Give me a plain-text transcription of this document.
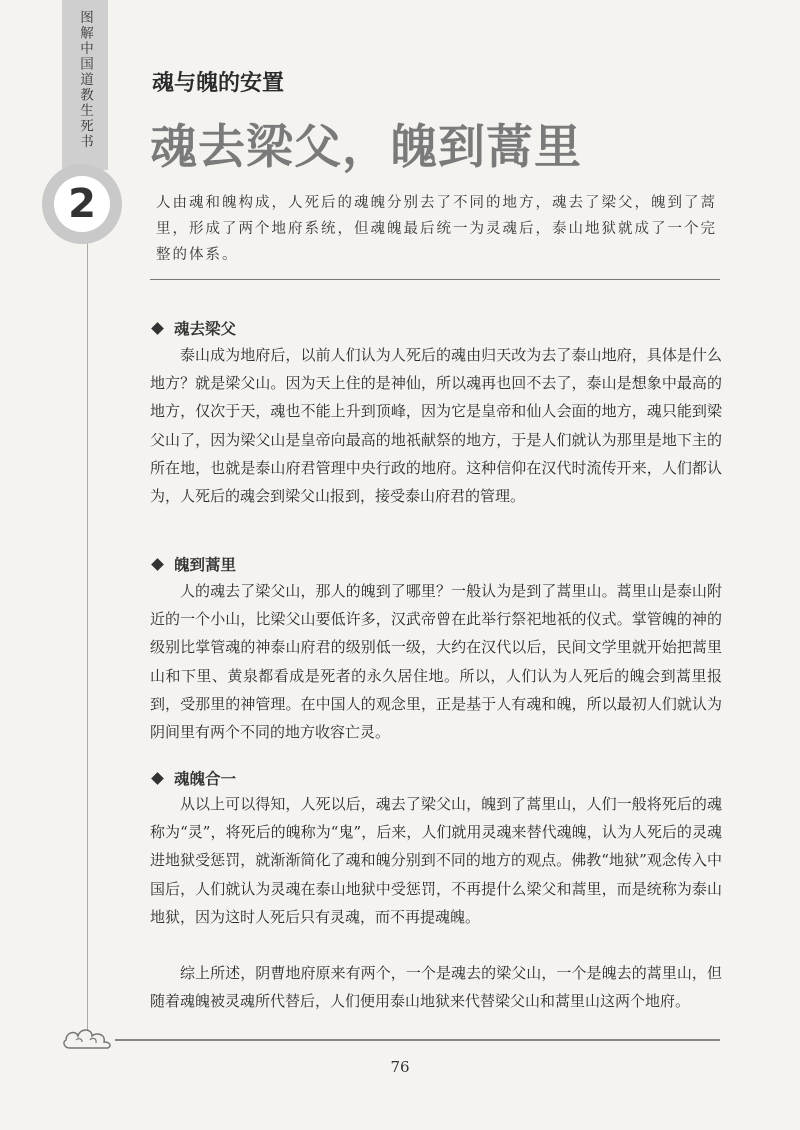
图解中国道教生死书
2
魂与魄的安置
魂去梁父，魄到蒿里

人由魂和魄构成，人死后的魂魄分别去了不同的地方，魂去了梁父，魄到了蒿里，形成了两个地府系统，但魂魄最后统一为灵魂后，泰山地狱就成了一个完整的体系。

魂去梁父

泰山成为地府后，以前人们认为人死后的魂由归天改为去了泰山地府，具体是什么地方？就是梁父山。因为天上住的是神仙，所以魂再也回不去了，泰山是想象中最高的地方，仅次于天，魂也不能上升到顶峰，因为它是皇帝和仙人会面的地方，魂只能到梁父山了，因为梁父山是皇帝向最高的地祇献祭的地方，于是人们就认为那里是地下主的所在地，也就是泰山府君管理中央行政的地府。这种信仰在汉代时流传开来，人们都认为，人死后的魂会到梁父山报到，接受泰山府君的管理。

魄到蒿里

人的魂去了梁父山，那人的魄到了哪里？一般认为是到了蒿里山。蒿里山是泰山附近的一个小山，比梁父山要低许多，汉武帝曾在此举行祭祀地祇的仪式。掌管魄的神的级别比掌管魂的神泰山府君的级别低一级，大约在汉代以后，民间文学里就开始把蒿里山和下里、黄泉都看成是死者的永久居住地。所以，人们认为人死后的魄会到蒿里报到，受那里的神管理。在中国人的观念里，正是基于人有魂和魄，所以最初人们就认为阴间里有两个不同的地方收容亡灵。

魂魄合一

从以上可以得知，人死以后，魂去了梁父山，魄到了蒿里山，人们一般将死后的魂称为“灵”，将死后的魄称为“鬼”，后来，人们就用灵魂来替代魂魄，认为人死后的灵魂进地狱受惩罚，就渐渐简化了魂和魄分别到不同的地方的观点。佛教“地狱”观念传入中国后，人们就认为灵魂在泰山地狱中受惩罚，不再提什么梁父和蒿里，而是统称为泰山地狱，因为这时人死后只有灵魂，而不再提魂魄。

综上所述，阴曹地府原来有两个，一个是魂去的梁父山，一个是魄去的蒿里山，但随着魂魄被灵魂所代替后，人们便用泰山地狱来代替梁父山和蒿里山这两个地府。

76
